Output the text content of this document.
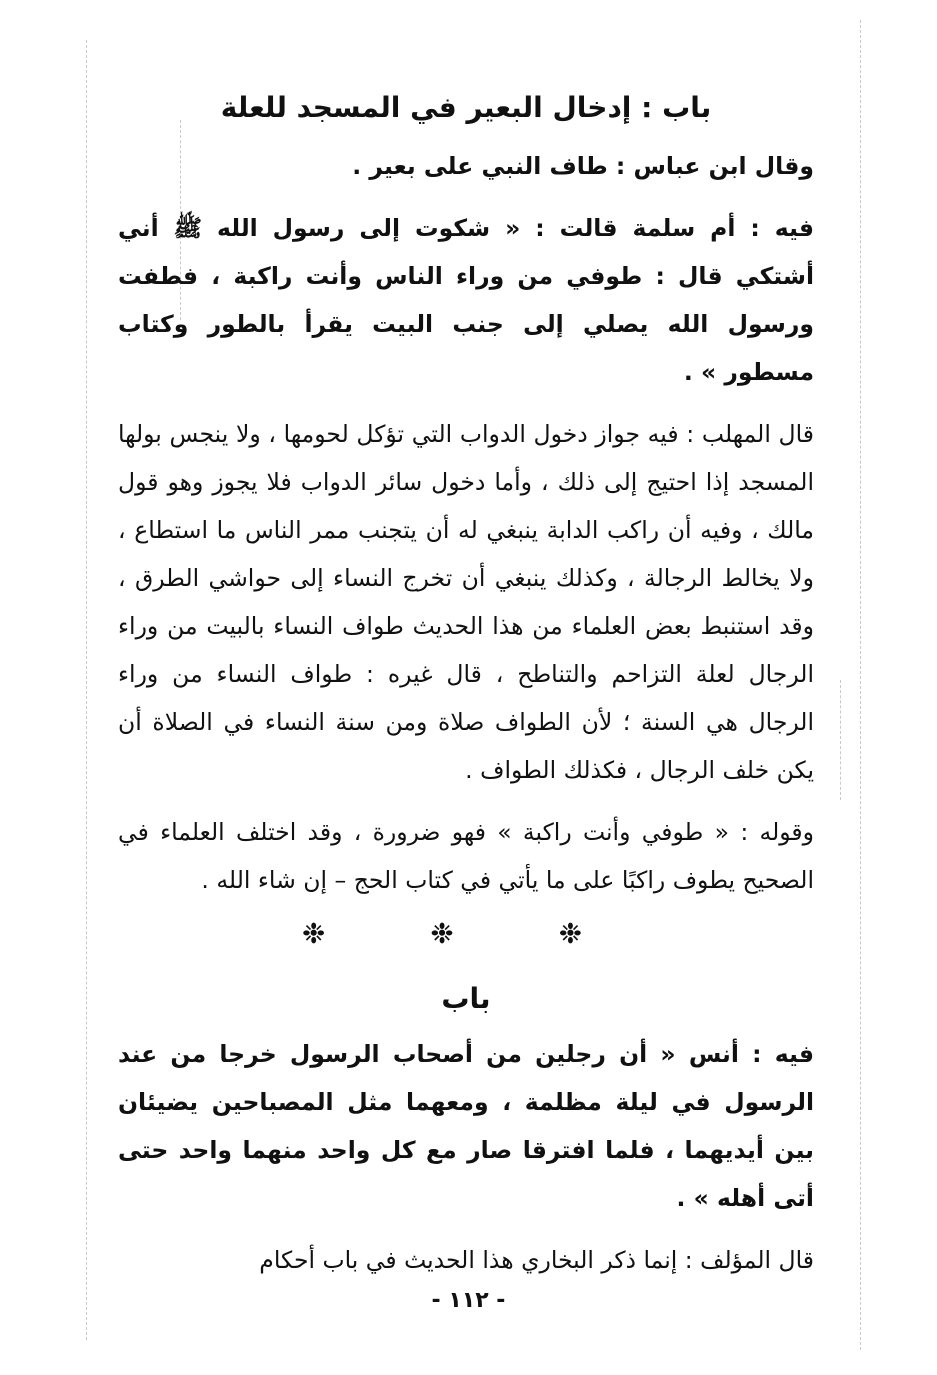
باب : إدخال البعير في المسجد للعلة

وقال ابن عباس : طاف النبي على بعير .

فيه : أم سلمة قالت : « شكوت إلى رسول الله ﷺ أني أشتكي قال : طوفي من وراء الناس وأنت راكبة ، فطفت ورسول الله يصلي إلى جنب البيت يقرأ بالطور وكتاب مسطور » .

قال المهلب : فيه جواز دخول الدواب التي تؤكل لحومها ، ولا ينجس بولها المسجد إذا احتيج إلى ذلك ، وأما دخول سائر الدواب فلا يجوز وهو قول مالك ، وفيه أن راكب الدابة ينبغي له أن يتجنب ممر الناس ما استطاع ، ولا يخالط الرجالة ، وكذلك ينبغي أن تخرج النساء إلى حواشي الطرق ، وقد استنبط بعض العلماء من هذا الحديث طواف النساء بالبيت من وراء الرجال لعلة التزاحم والتناطح ، قال غيره : طواف النساء من وراء الرجال هي السنة ؛ لأن الطواف صلاة ومن سنة النساء في الصلاة أن يكن خلف الرجال ، فكذلك الطواف .

وقوله : « طوفي وأنت راكبة » فهو ضرورة ، وقد اختلف العلماء في الصحيح يطوف راكبًا على ما يأتي في كتاب الحج – إن شاء الله .

❉ ❉ ❉
باب

فيه : أنس « أن رجلين من أصحاب الرسول خرجا من عند الرسول في ليلة مظلمة ، ومعهما مثل المصباحين يضيئان بين أيديهما ، فلما افترقا صار مع كل واحد منهما واحد حتى أتى أهله » .

قال المؤلف : إنما ذكر البخاري هذا الحديث في باب أحكام

- ١١٢ -
